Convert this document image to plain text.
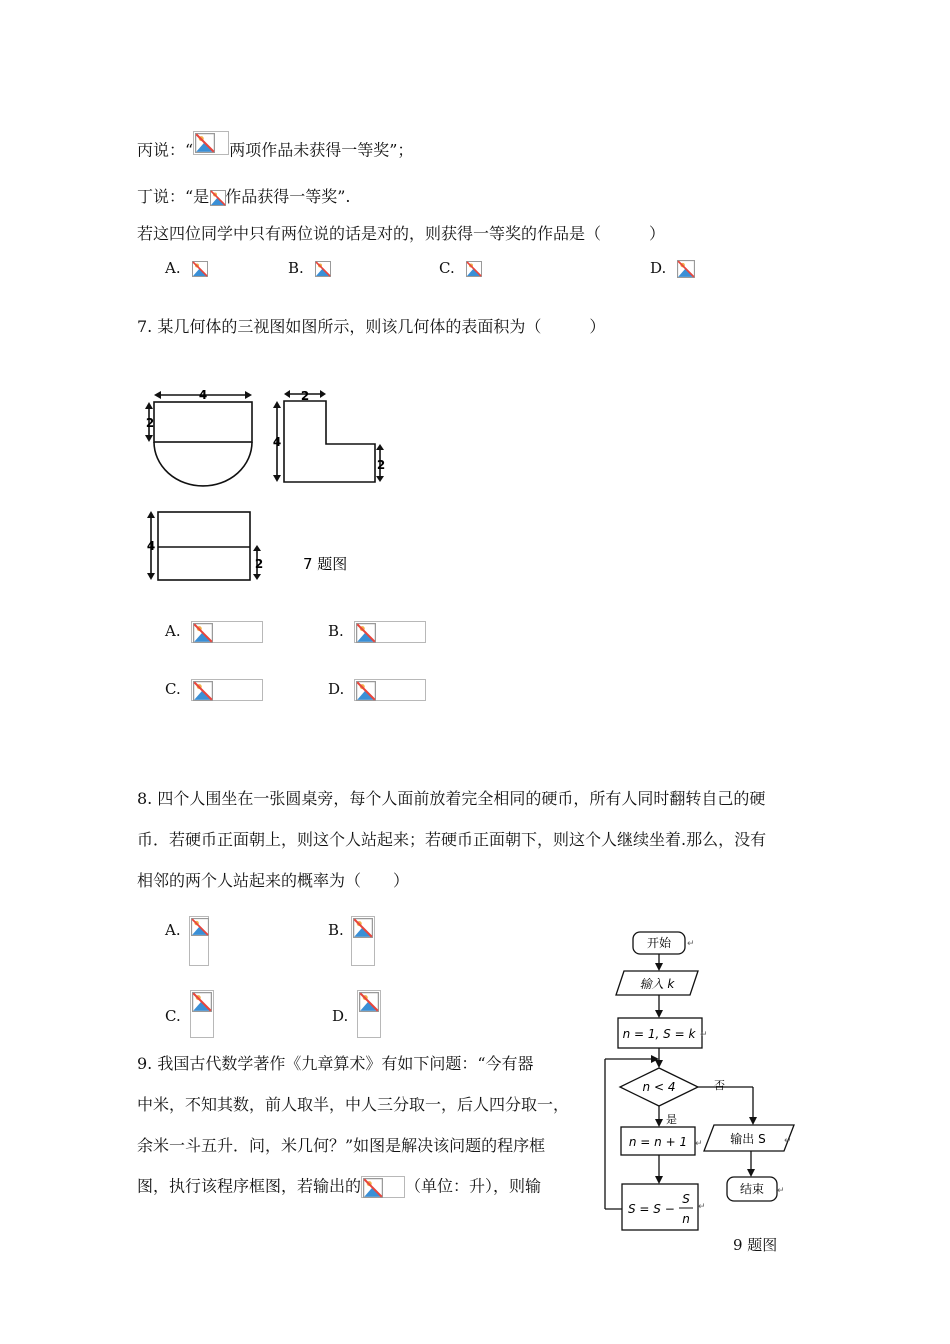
丙说：“ 两项作品未获得一等奖”；
丁说：“是 作品获得一等奖”.
若这四位同学中只有两位说的话是对的，则获得一等奖的作品是（　　　）
A.	B.	C.	D.
7. 某几何体的三视图如图所示，则该几何体的表面积为（　　　）
4
2
2
4
2
4
2	7 题图
A.	B.
C.	D.
8. 四个人围坐在一张圆桌旁，每个人面前放着完全相同的硬币，所有人同时翻转自己的硬
币．若硬币正面朝上，则这个人站起来；若硬币正面朝下，则这个人继续坐着.那么，没有
相邻的两个人站起来的概率为（　　）
A.	B.
C.	D.
9. 我国古代数学著作《九章算术》有如下问题：“今有器
中米，不知其数，前人取半，中人三分取一，后人四分取一，
余米一斗五升．问，米几何？”如图是解决该问题的程序框
图，执行该程序框图，若输出的	（单位：升），则输
开始
输入 k
n = 1, S = k
n < 4
是
否
n = n + 1
S = S −
S
n
输出 S
结束
↵
↵
↵
↵
↵
↵
9 题图
